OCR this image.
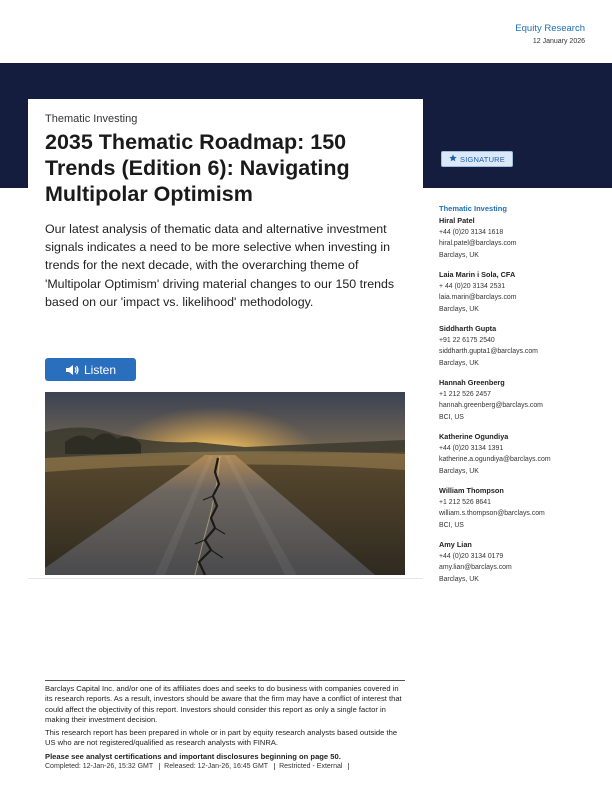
Equity Research
12 January 2026
Thematic Investing
2035 Thematic Roadmap: 150 Trends (Edition 6): Navigating Multipolar Optimism

Our latest analysis of thematic data and alternative investment signals indicates a need to be more selective when investing in trends for the next decade, with the overarching theme of 'Multipolar Optimism' driving material changes to our 150 trends based on our 'impact vs. likelihood' methodology.

Listen
SIGNATURE
Thematic Investing
Hiral Patel
+44 (0)20 3134 1618
hiral.patel@barclays.com
Barclays, UK
Laia Marin i Sola, CFA
+ 44 (0)20 3134 2531
laia.marin@barclays.com
Barclays, UK
Siddharth Gupta
+91 22 6175 2540
siddharth.gupta1@barclays.com
Barclays, UK
Hannah Greenberg
+1 212 526 2457
hannah.greenberg@barclays.com
BCI, US
Katherine Ogundiya
+44 (0)20 3134 1391
katherine.a.ogundiya@barclays.com
Barclays, UK
William Thompson
+1 212 526 8641
william.s.thompson@barclays.com
BCI, US
Amy Lian
+44 (0)20 3134 0179
amy.lian@barclays.com
Barclays, UK

Barclays Capital Inc. and/or one of its affiliates does and seeks to do business with companies covered in its research reports. As a result, investors should be aware that the firm may have a conflict of interest that could affect the objectivity of this report. Investors should consider this report as only a single factor in making their investment decision.

This research report has been prepared in whole or in part by equity research analysts based outside the US who are not registered/qualified as research analysts with FINRA.

Please see analyst certifications and important disclosures beginning on page 50.

Completed: 12-Jan-26, 15:32 GMT	Released: 12-Jan-26, 16:45 GMT	Restricted - External
